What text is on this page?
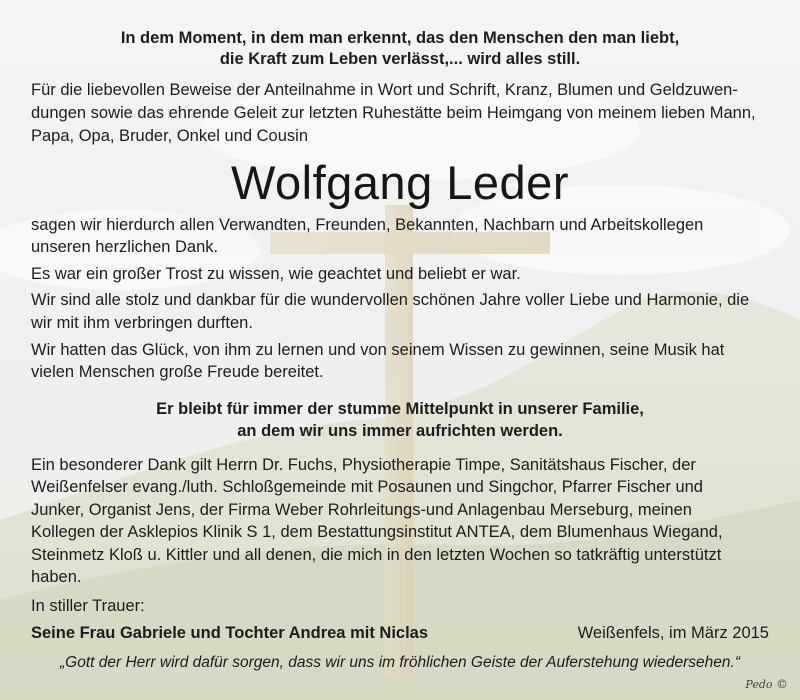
In dem Moment, in dem man erkennt, das den Menschen den man liebt,
die Kraft zum Leben verlässt,... wird alles still.
Für die liebevollen Beweise der Anteilnahme in Wort und Schrift, Kranz, Blumen und Geldzuwen-
dungen sowie das ehrende Geleit zur letzten Ruhestätte beim Heimgang von meinem lieben Mann,
Papa, Opa, Bruder, Onkel und Cousin
Wolfgang Leder
sagen wir hierdurch allen Verwandten, Freunden, Bekannten, Nachbarn und Arbeitskollegen
unseren herzlichen Dank.
Es war ein großer Trost zu wissen, wie geachtet und beliebt er war.
Wir sind alle stolz und dankbar für die wundervollen schönen Jahre voller Liebe und Harmonie, die
wir mit ihm verbringen durften.
Wir hatten das Glück, von ihm zu lernen und von seinem Wissen zu gewinnen, seine Musik hat
vielen Menschen große Freude bereitet.
Er bleibt für immer der stumme Mittelpunkt in unserer Familie,
an dem wir uns immer aufrichten werden.
Ein besonderer Dank gilt Herrn Dr. Fuchs, Physiotherapie Timpe, Sanitätshaus Fischer, der
Weißenfelser evang./luth. Schloßgemeinde mit Posaunen und Singchor, Pfarrer Fischer und
Junker, Organist Jens, der Firma Weber Rohrleitungs-und Anlagenbau Merseburg, meinen
Kollegen der Asklepios Klinik S 1, dem Bestattungsinstitut ANTEA, dem Blumenhaus Wiegand,
Steinmetz Kloß u. Kittler und all denen, die mich in den letzten Wochen so tatkräftig unterstützt
haben.
In stiller Trauer:
Seine Frau Gabriele und Tochter Andrea mit Niclas	Weißenfels, im März 2015
„Gott der Herr wird dafür sorgen, dass wir uns im fröhlichen Geiste der Auferstehung wiedersehen.“
Pedo ©
